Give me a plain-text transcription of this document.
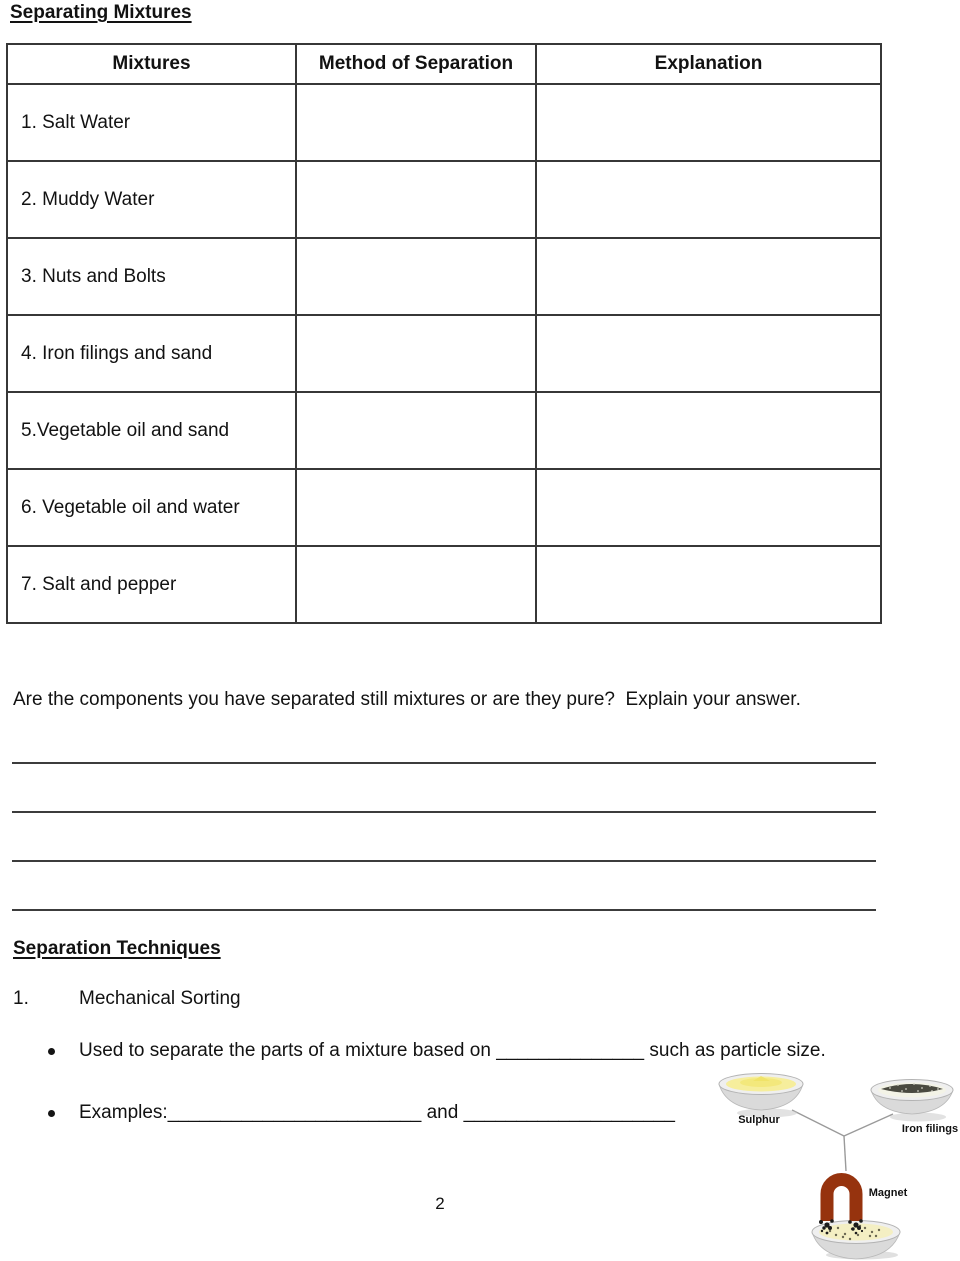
Separating Mixtures
Mixtures	Method of Separation	Explanation
1. Salt Water		
2. Muddy Water		
3. Nuts and Bolts		
4. Iron filings and sand		
5.Vegetable oil and sand		
6. Vegetable oil and water		
7. Salt and pepper		

Are the components you have separated still mixtures or are they pure?  Explain your answer.

Separation Techniques
1.	Mechanical Sorting
Used to separate the parts of a mixture based on ______________ such as particle size.
Examples:________________________ and ____________________
2
Sulphur
Iron filings
Magnet
